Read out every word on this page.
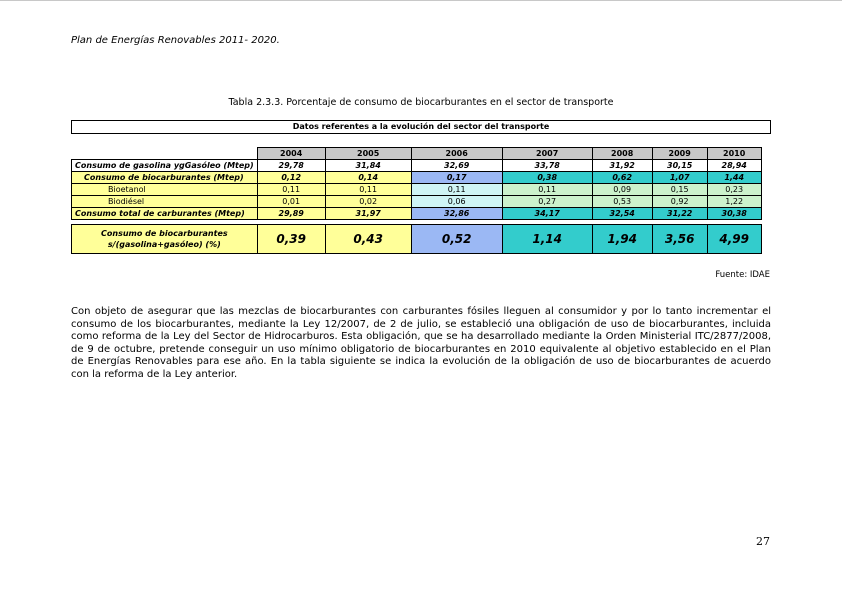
Plan de Energías Renovables 2011- 2020.
Tabla 2.3.3. Porcentaje de consumo de biocarburantes en el sector de transporte
Datos referentes a la evolución del sector del transporte
	2004	2005	2006	2007	2008	2009	2010
Consumo de gasolina ygGasóleo (Mtep)	29,78	31,84	32,69	33,78	31,92	30,15	28,94
Consumo de biocarburantes (Mtep)	0,12	0,14	0,17	0,38	0,62	1,07	1,44
Bioetanol	0,11	0,11	0,11	0,11	0,09	0,15	0,23
Biodiésel	0,01	0,02	0,06	0,27	0,53	0,92	1,22
Consumo total de carburantes (Mtep)	29,89	31,97	32,86	34,17	32,54	31,22	30,38

Consumo de biocarburantes
s/(gasolina+gasóleo) (%)	0,39	0,43	0,52	1,14	1,94	3,56	4,99
Fuente: IDAE
Con objeto de asegurar que las mezclas de biocarburantes con carburantes fósiles lleguen al consumidor y por lo tanto incrementar el consumo de los biocarburantes, mediante la Ley 12/2007, de 2 de julio, se estableció una obligación de uso de biocarburantes, incluida como reforma de la Ley del Sector de Hidrocarburos. Esta obligación, que se ha desarrollado mediante la Orden Ministerial ITC/2877/2008, de 9 de octubre, pretende conseguir un uso mínimo obligatorio de biocarburantes en 2010 equivalente al objetivo establecido en el Plan de Energías Renovables para ese año. En la tabla siguiente se indica la evolución de la obligación de uso de biocarburantes de acuerdo con la reforma de la Ley anterior.
27
